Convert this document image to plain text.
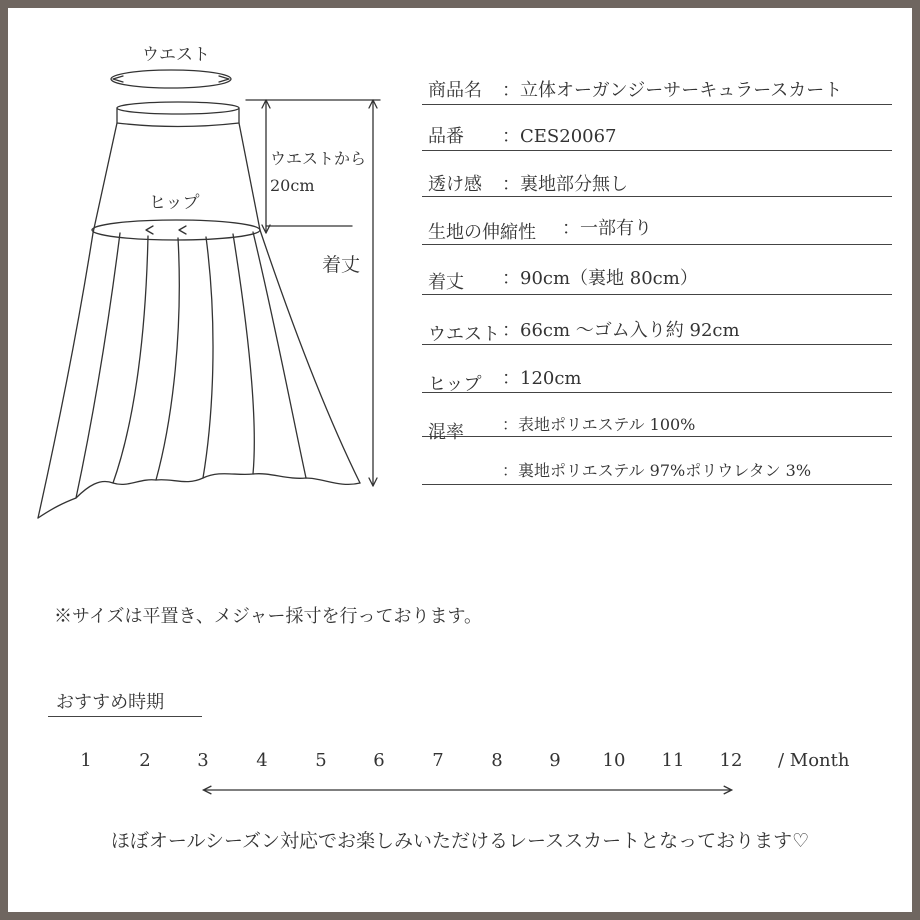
ウエスト
ヒップ
ウエストから
20cm
着丈
商品名 ：立体オーガンジーサーキュラースカート
品番 ：CES20067
透け感 ：裏地部分無し
生地の伸縮性 ：一部有り
着丈 ：90cm（裏地 80cm）
ウエスト ：66cm ～ゴム入り約 92cm
ヒップ ：120cm
混率 ：表地ポリエステル 100%
：裏地ポリエステル 97%ポリウレタン 3%
※サイズは平置き、メジャー採寸を行っております。
おすすめ時期
1	2	3	4	5	6	7	8	9	10	11	12	/ Month
ほぼオールシーズン対応でお楽しみいただけるレーススカートとなっております♡
